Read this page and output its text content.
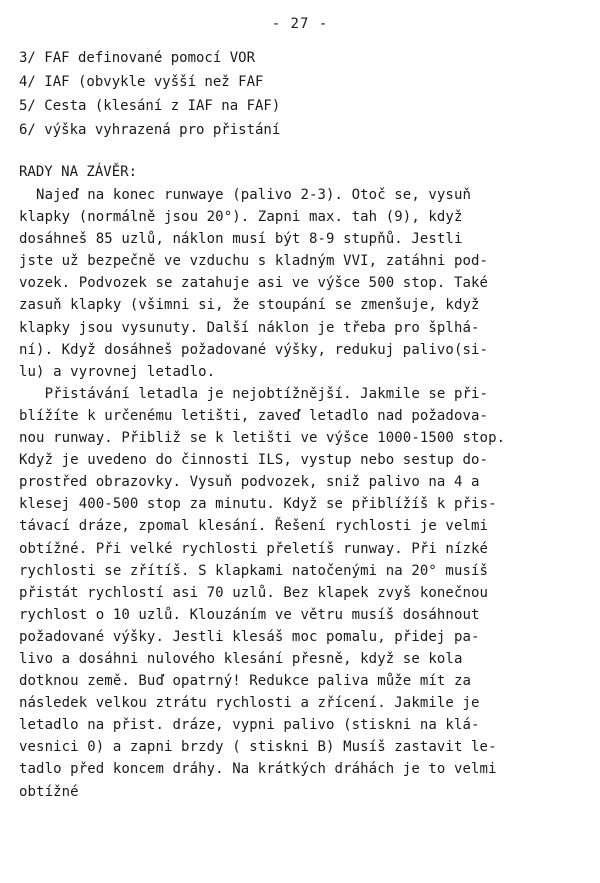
- 27 -
3/ FAF definované pomocí VOR
4/ IAF (obvykle vyšší než FAF
5/ Cesta (klesání z IAF na FAF)
6/ výška vyhrazená pro přistání
RADY NA ZÁVĚR:
Najeď na konec runwaye (palivo 2-3). Otoč se, vysuň
klapky (normálně jsou 20°). Zapni max. tah (9), když
dosáhneš 85 uzlů, náklon musí být 8-9 stupňů. Jestli
jste už bezpečně ve vzduchu s kladným VVI, zatáhni pod-
vozek. Podvozek se zatahuje asi ve výšce 500 stop. Také
zasuň klapky (všimni si, že stoupání se zmenšuje, když
klapky jsou vysunuty. Další náklon je třeba pro šplhá-
ní). Když dosáhneš požadované výšky, redukuj palivo(si-
lu) a vyrovnej letadlo.
Přistávání letadla je nejobtížnější. Jakmile se při-
blížíte k určenému letišti, zaveď letadlo nad požadova-
nou runway. Přibliž se k letišti ve výšce 1000-1500 stop.
Když je uvedeno do činnosti ILS, vystup nebo sestup do-
prostřed obrazovky. Vysuň podvozek, sniž palivo na 4 a
klesej 400-500 stop za minutu. Když se přiblížíš k přis-
távací dráze, zpomal klesání. Řešení rychlosti je velmi
obtížné. Při velké rychlosti přeletíš runway. Při nízké
rychlosti se zřítíš. S klapkami natočenými na 20° musíš
přistát rychlostí asi 70 uzlů. Bez klapek zvyš konečnou
rychlost o 10 uzlů. Klouzáním ve větru musíš dosáhnout
požadované výšky. Jestli klesáš moc pomalu, přidej pa-
livo a dosáhni nulového klesání přesně, když se kola
dotknou země. Buď opatrný! Redukce paliva může mít za
následek velkou ztrátu rychlosti a zřícení. Jakmile je
letadlo na přist. dráze, vypni palivo (stiskni na klá-
vesnici 0) a zapni brzdy ( stiskni B) Musíš zastavit le-
tadlo před koncem dráhy. Na krátkých dráhách je to velmi
obtížné
